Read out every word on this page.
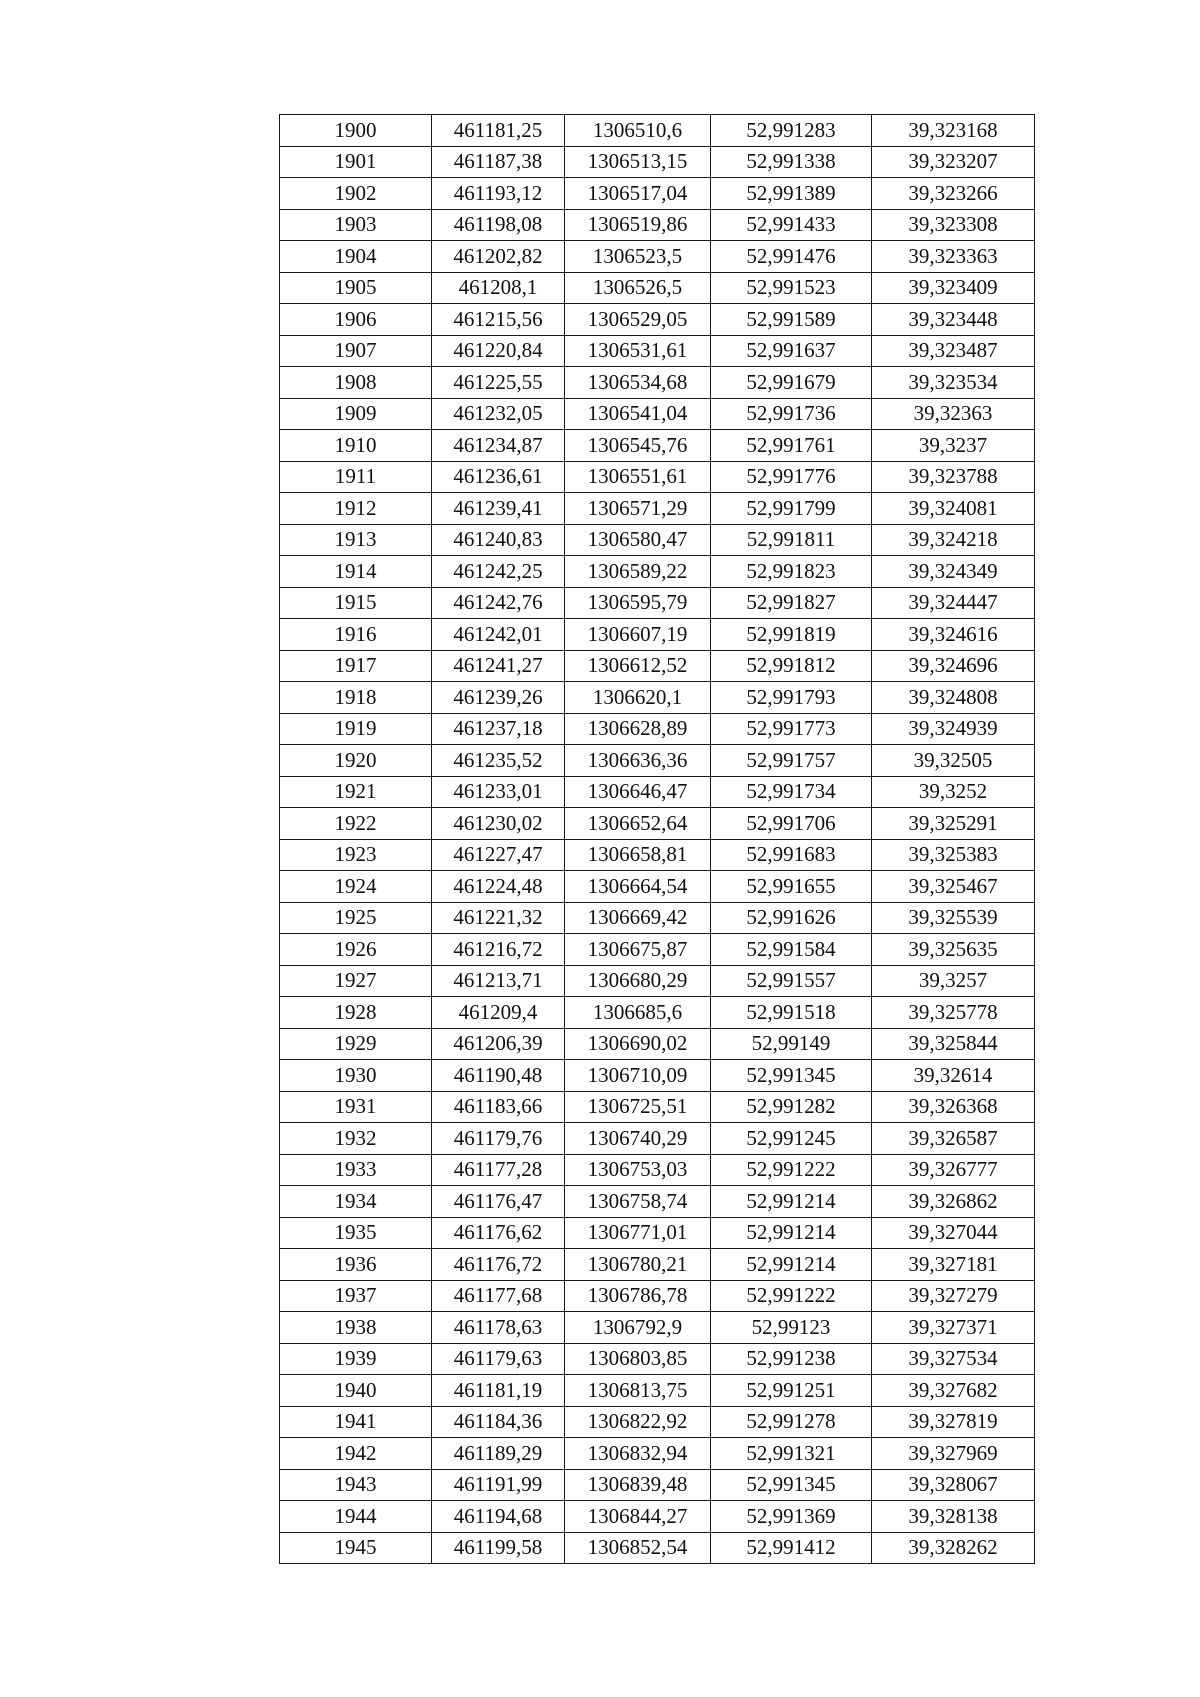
1900	461181,25	1306510,6	52,991283	39,323168
1901	461187,38	1306513,15	52,991338	39,323207
1902	461193,12	1306517,04	52,991389	39,323266
1903	461198,08	1306519,86	52,991433	39,323308
1904	461202,82	1306523,5	52,991476	39,323363
1905	461208,1	1306526,5	52,991523	39,323409
1906	461215,56	1306529,05	52,991589	39,323448
1907	461220,84	1306531,61	52,991637	39,323487
1908	461225,55	1306534,68	52,991679	39,323534
1909	461232,05	1306541,04	52,991736	39,32363
1910	461234,87	1306545,76	52,991761	39,3237
1911	461236,61	1306551,61	52,991776	39,323788
1912	461239,41	1306571,29	52,991799	39,324081
1913	461240,83	1306580,47	52,991811	39,324218
1914	461242,25	1306589,22	52,991823	39,324349
1915	461242,76	1306595,79	52,991827	39,324447
1916	461242,01	1306607,19	52,991819	39,324616
1917	461241,27	1306612,52	52,991812	39,324696
1918	461239,26	1306620,1	52,991793	39,324808
1919	461237,18	1306628,89	52,991773	39,324939
1920	461235,52	1306636,36	52,991757	39,32505
1921	461233,01	1306646,47	52,991734	39,3252
1922	461230,02	1306652,64	52,991706	39,325291
1923	461227,47	1306658,81	52,991683	39,325383
1924	461224,48	1306664,54	52,991655	39,325467
1925	461221,32	1306669,42	52,991626	39,325539
1926	461216,72	1306675,87	52,991584	39,325635
1927	461213,71	1306680,29	52,991557	39,3257
1928	461209,4	1306685,6	52,991518	39,325778
1929	461206,39	1306690,02	52,99149	39,325844
1930	461190,48	1306710,09	52,991345	39,32614
1931	461183,66	1306725,51	52,991282	39,326368
1932	461179,76	1306740,29	52,991245	39,326587
1933	461177,28	1306753,03	52,991222	39,326777
1934	461176,47	1306758,74	52,991214	39,326862
1935	461176,62	1306771,01	52,991214	39,327044
1936	461176,72	1306780,21	52,991214	39,327181
1937	461177,68	1306786,78	52,991222	39,327279
1938	461178,63	1306792,9	52,99123	39,327371
1939	461179,63	1306803,85	52,991238	39,327534
1940	461181,19	1306813,75	52,991251	39,327682
1941	461184,36	1306822,92	52,991278	39,327819
1942	461189,29	1306832,94	52,991321	39,327969
1943	461191,99	1306839,48	52,991345	39,328067
1944	461194,68	1306844,27	52,991369	39,328138
1945	461199,58	1306852,54	52,991412	39,328262
